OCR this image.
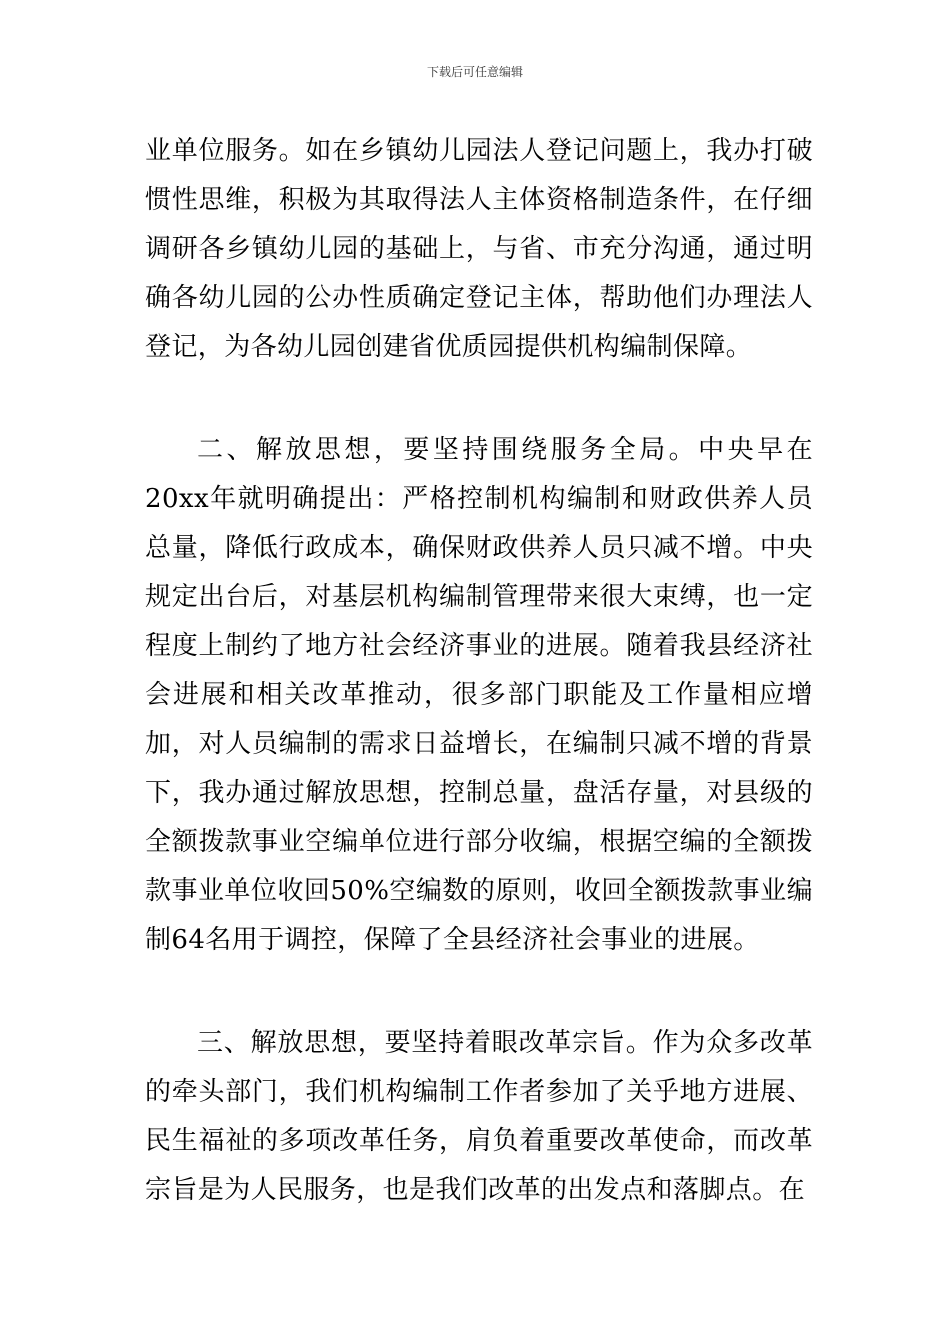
下载后可任意编辑

业单位服务。如在乡镇幼儿园法人登记问题上，我办打破惯性思维，积极为其取得法人主体资格制造条件，在仔细调研各乡镇幼儿园的基础上，与省、市充分沟通，通过明确各幼儿园的公办性质确定登记主体，帮助他们办理法人登记，为各幼儿园创建省优质园提供机构编制保障。

二、解放思想，要坚持围绕服务全局。中央早在20xx年就明确提出：严格控制机构编制和财政供养人员总量，降低行政成本，确保财政供养人员只减不增。中央规定出台后，对基层机构编制管理带来很大束缚，也一定程度上制约了地方社会经济事业的进展。随着我县经济社会进展和相关改革推动，很多部门职能及工作量相应增加，对人员编制的需求日益增长，在编制只减不增的背景下，我办通过解放思想，控制总量，盘活存量，对县级的全额拨款事业空编单位进行部分收编，根据空编的全额拨款事业单位收回50%空编数的原则，收回全额拨款事业编制64名用于调控，保障了全县经济社会事业的进展。

三、解放思想，要坚持着眼改革宗旨。作为众多改革的牵头部门，我们机构编制工作者参加了关乎地方进展、民生福祉的多项改革任务，肩负着重要改革使命，而改革宗旨是为人民服务，也是我们改革的出发点和落脚点。在
